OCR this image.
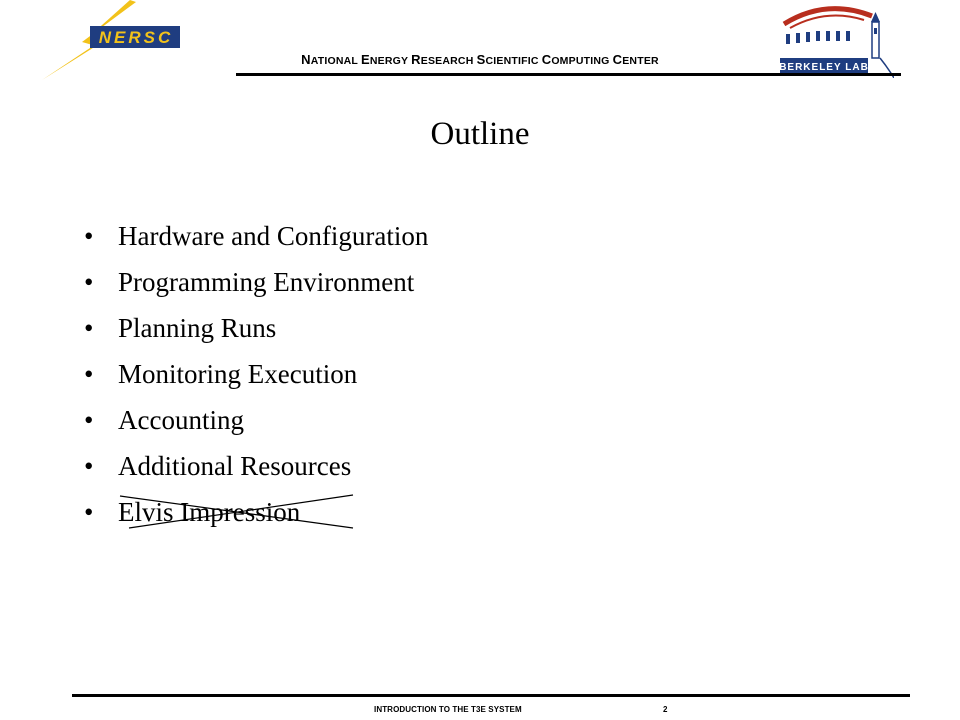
NERSC
BERKELEY LAB
NATIONAL ENERGY RESEARCH SCIENTIFIC COMPUTING CENTER
Outline
• Hardware and Configuration
• Programming Environment
• Planning Runs
• Monitoring Execution
• Accounting
• Additional Resources
• Elvis Impression
INTRODUCTION TO THE T3E SYSTEM	2
